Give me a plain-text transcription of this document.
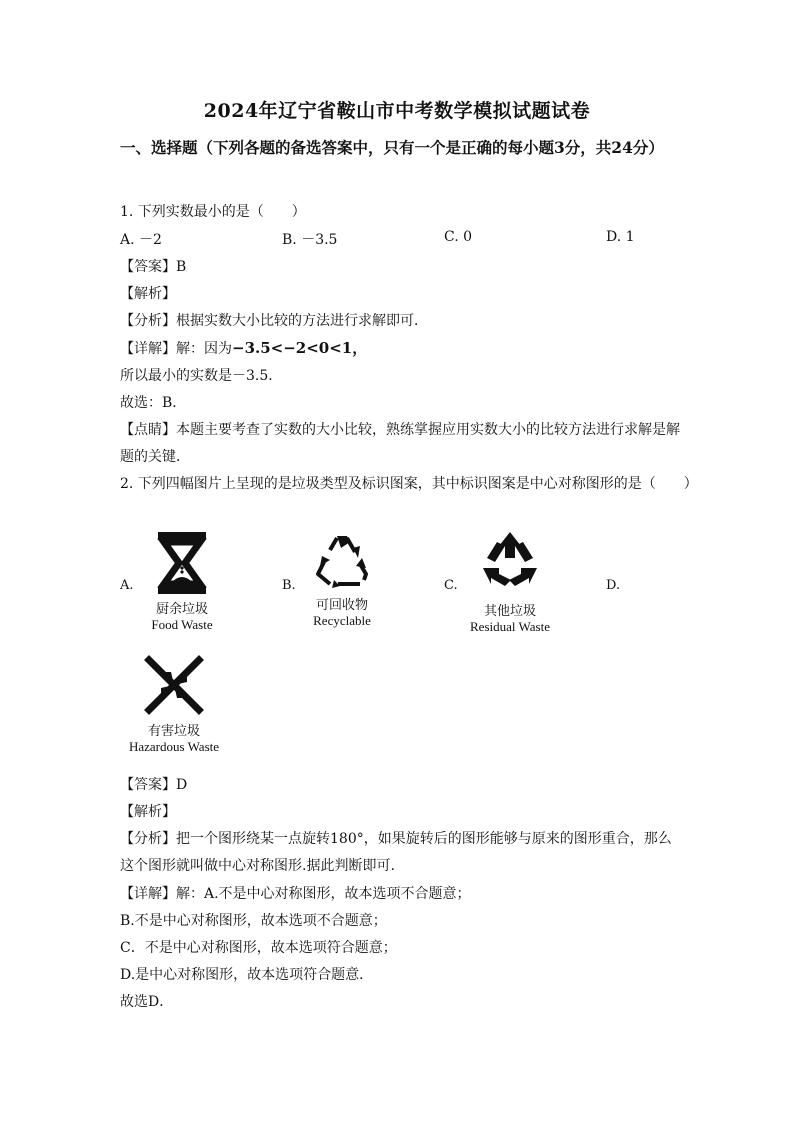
2024年辽宁省鞍山市中考数学模拟试题试卷
一、选择题（下列各题的备选答案中，只有一个是正确的每小题3分，共24分）
1. 下列实数最小的是（　　）
A. －2	B. －3.5	C. 0	D. 1
【答案】B
【解析】
【分析】根据实数大小比较的方法进行求解即可．
【详解】解：因为−3.5<−2<0<1，
所以最小的实数是－3.5．
故选：B．
【点睛】本题主要考查了实数的大小比较，熟练掌握应用实数大小的比较方法进行求解是解
题的关键．
2. 下列四幅图片上呈现的是垃圾类型及标识图案，其中标识图案是中心对称图形的是（　　）
A.	B.	C.	D.
厨余垃圾
Food Waste
可回收物
Recyclable
其他垃圾
Residual Waste
有害垃圾
Hazardous Waste
【答案】D
【解析】
【分析】把一个图形绕某一点旋转180°，如果旋转后的图形能够与原来的图形重合，那么
这个图形就叫做中心对称图形.据此判断即可.
【详解】解：A.不是中心对称图形，故本选项不合题意；
B.不是中心对称图形，故本选项不合题意；
C．不是中心对称图形，故本选项符合题意；
D.是中心对称图形，故本选项符合题意．
故选D．
